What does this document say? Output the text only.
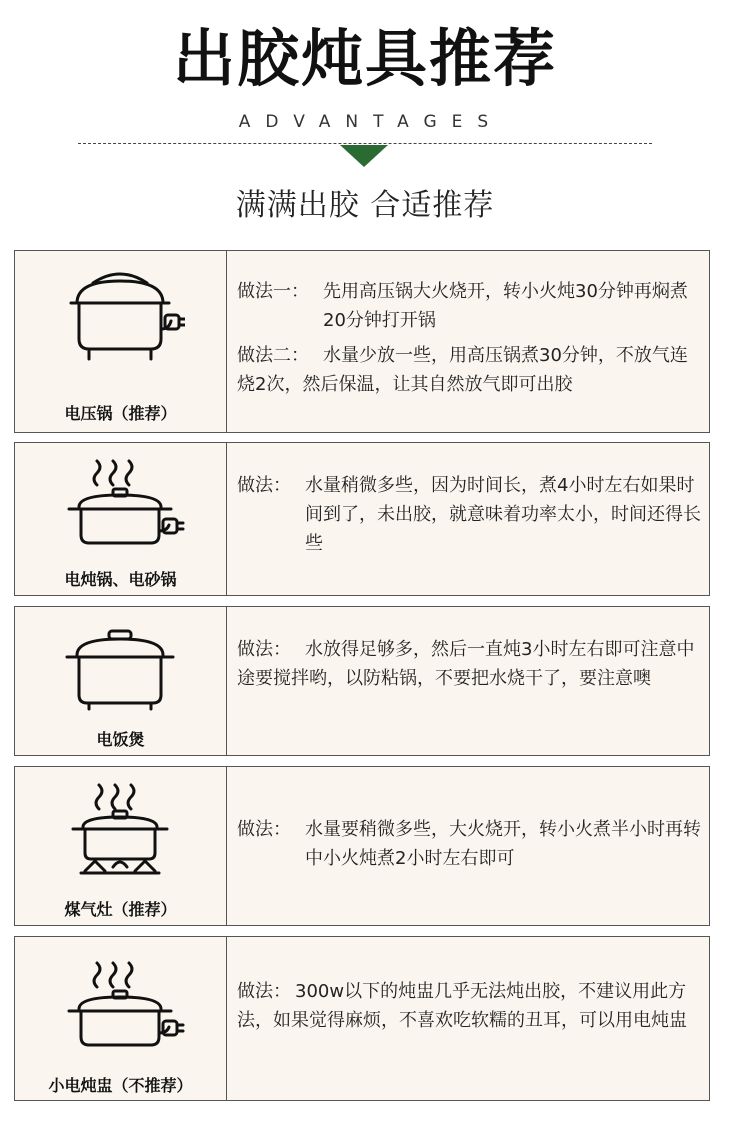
出胶炖具推荐
ADVANTAGES
满满出胶 合适推荐
电压锅（推荐）
做法一： 先用高压锅大火烧开，转小火炖30分钟再焖煮20分钟打开锅
做法二： 水量少放一些，用高压锅煮30分钟，不放气连烧2次，然后保温，让其自然放气即可出胶
电炖锅、电砂锅
做法： 水量稍微多些，因为时间长，煮4小时左右如果时间到了，未出胶，就意味着功率太小，时间还得长些
电饭煲
做法： 水放得足够多，然后一直炖3小时左右即可注意中途要搅拌哟，以防粘锅，不要把水烧干了，要注意噢
煤气灶（推荐）
做法： 水量要稍微多些，大火烧开，转小火煮半小时再转中小火炖煮2小时左右即可
小电炖盅（不推荐）
做法： 300w以下的炖盅几乎无法炖出胶，不建议用此方法，如果觉得麻烦，不喜欢吃软糯的丑耳，可以用电炖盅
